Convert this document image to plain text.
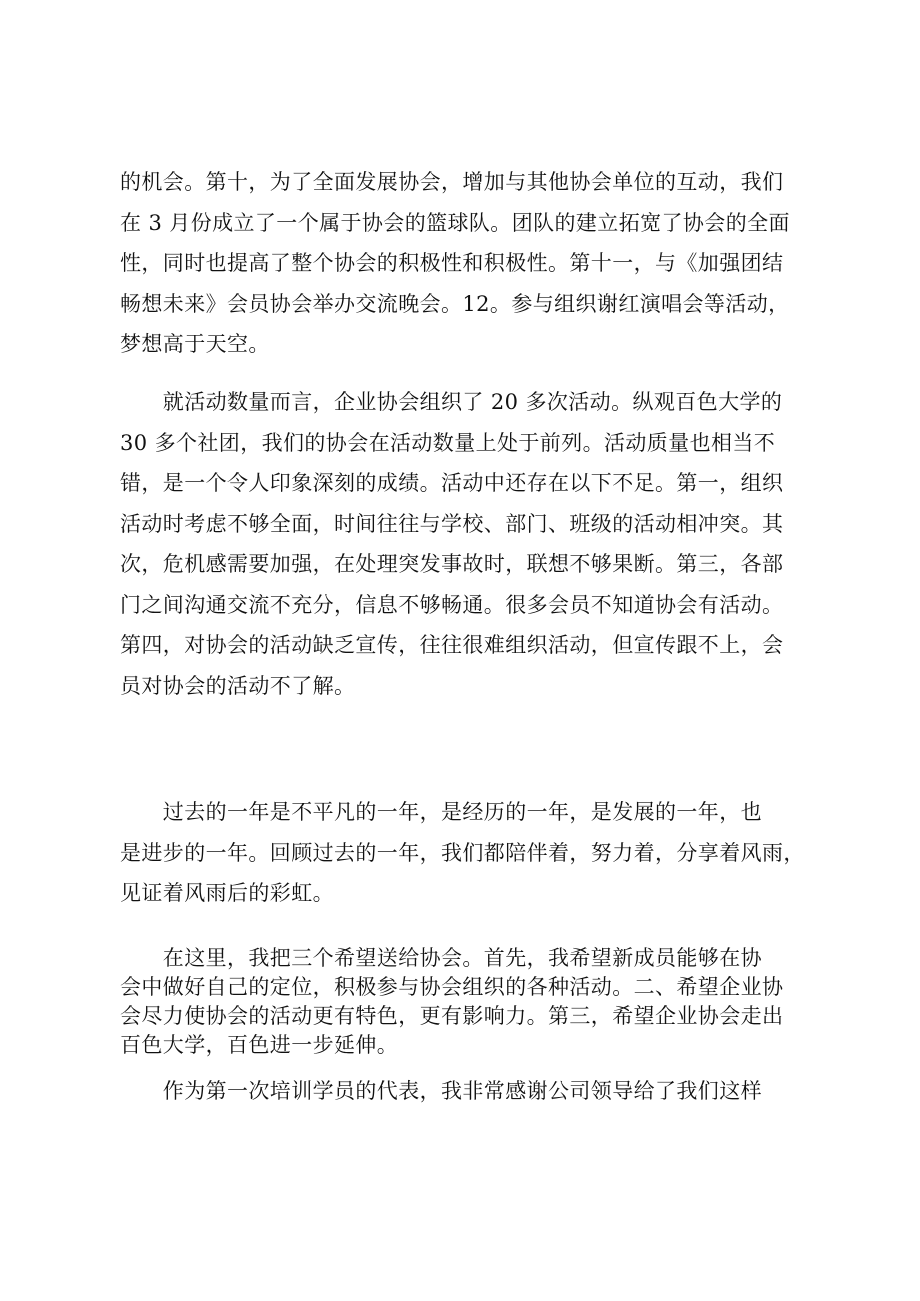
的机会。第十，为了全面发展协会，增加与其他协会单位的互动，我们
在 3 月份成立了一个属于协会的篮球队。团队的建立拓宽了协会的全面
性，同时也提高了整个协会的积极性和积极性。第十一，与《加强团结
畅想未来》会员协会举办交流晚会。12。参与组织谢红演唱会等活动，
梦想高于天空。
　　就活动数量而言，企业协会组织了 20 多次活动。纵观百色大学的
30 多个社团，我们的协会在活动数量上处于前列。活动质量也相当不
错，是一个令人印象深刻的成绩。活动中还存在以下不足。第一，组织
活动时考虑不够全面，时间往往与学校、部门、班级的活动相冲突。其
次，危机感需要加强，在处理突发事故时，联想不够果断。第三，各部
门之间沟通交流不充分，信息不够畅通。很多会员不知道协会有活动。
第四，对协会的活动缺乏宣传，往往很难组织活动，但宣传跟不上，会
员对协会的活动不了解。
　　过去的一年是不平凡的一年，是经历的一年，是发展的一年，也
是进步的一年。回顾过去的一年，我们都陪伴着，努力着，分享着风雨，
见证着风雨后的彩虹。
　　在这里，我把三个希望送给协会。首先，我希望新成员能够在协
会中做好自己的定位，积极参与协会组织的各种活动。二、希望企业协
会尽力使协会的活动更有特色，更有影响力。第三，希望企业协会走出
百色大学，百色进一步延伸。
　　作为第一次培训学员的代表，我非常感谢公司领导给了我们这样
